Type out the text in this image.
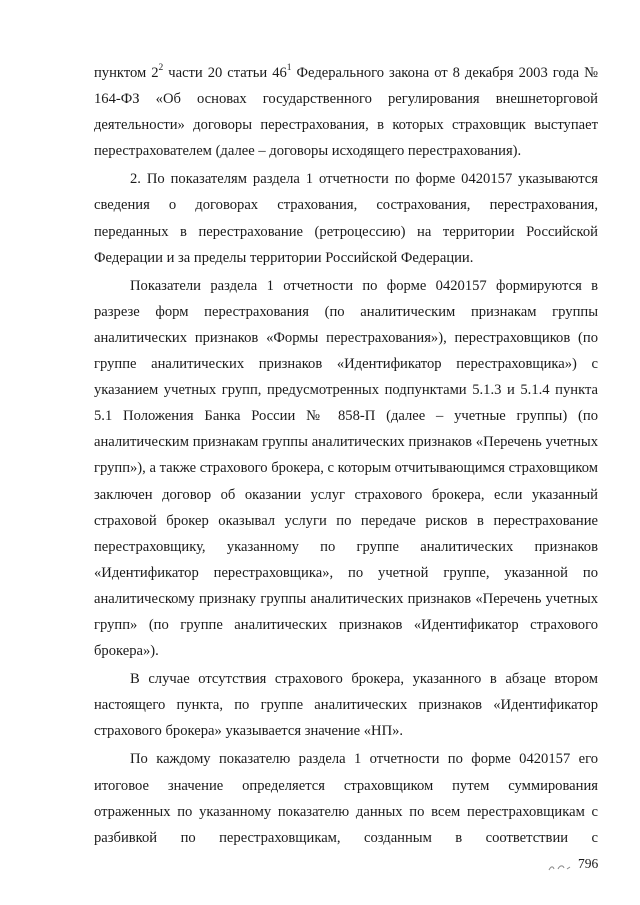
пунктом $2^2$ части 20 статьи $46^1$ Федерального закона от 8 декабря 2003 года № 164-ФЗ «Об основах государственного регулирования внешнеторговой деятельности» договоры перестрахования, в которых страховщик выступает перестрахователем (далее – договоры исходящего перестрахования).

2. По показателям раздела 1 отчетности по форме 0420157 указываются сведения о договорах страхования, сострахования, перестрахования, переданных в перестрахование (ретроцессию) на территории Российской Федерации и за пределы территории Российской Федерации.

Показатели раздела 1 отчетности по форме 0420157 формируются в разрезе форм перестрахования (по аналитическим признакам группы аналитических признаков «Формы перестрахования»), перестраховщиков (по группе аналитических признаков «Идентификатор перестраховщика») с указанием учетных групп, предусмотренных подпунктами 5.1.3 и 5.1.4 пункта 5.1 Положения Банка России № 858-П (далее – учетные группы) (по аналитическим признакам группы аналитических признаков «Перечень учетных групп»), а также страхового брокера, с которым отчитывающимся страховщиком заключен договор об оказании услуг страхового брокера, если указанный страховой брокер оказывал услуги по передаче рисков в перестрахование перестраховщику, указанному по группе аналитических признаков «Идентификатор перестраховщика», по учетной группе, указанной по аналитическому признаку группы аналитических признаков «Перечень учетных групп» (по группе аналитических признаков «Идентификатор страхового брокера»).

В случае отсутствия страхового брокера, указанного в абзаце втором настоящего пункта, по группе аналитических признаков «Идентификатор страхового брокера» указывается значение «НП».

По каждому показателю раздела 1 отчетности по форме 0420157 его итоговое значение определяется страховщиком путем суммирования отраженных по указанному показателю данных по всем перестраховщикам с разбивкой по перестраховщикам, созданным в соответствии с

796
